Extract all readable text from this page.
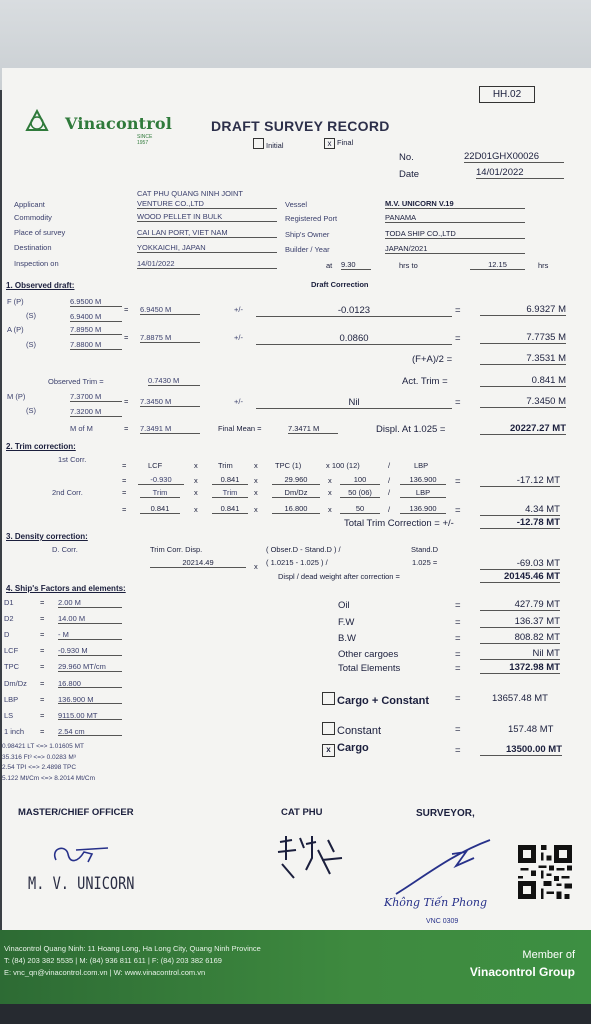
HH.02
Vinacontrol
SINCE 1957
DRAFT SURVEY RECORD
Initial	x Final
No.	22D01GHX00026
Date	14/01/2022
Applicant
CAT PHU QUANG NINH JOINT
VENTURE CO.,LTD
Commodity	WOOD PELLET IN BULK
Place of survey	CAI LAN PORT, VIET NAM
Destination	YOKKAICHI, JAPAN
Inspection on	14/01/2022
Vessel	M.V. UNICORN V.19
Registered Port	PANAMA
Ship's Owner	TODA SHIP CO.,LTD
Builder / Year	JAPAN/2021
at 9.30	hrs to	12.15	hrs
1. Observed draft:	Draft Correction
F (P)	6.9500 M
(S)	6.9400 M
= 6.9450 M	+/-	-0.0123	=	6.9327 M
A (P)	7.8950 M
(S)	7.8800 M
= 7.8875 M	+/-	0.0860	=	7.7735 M
(F+A)/2 =	7.3531 M
Observed Trim =	0.7430 M	Act. Trim =	0.841 M
M (P)	7.3700 M
(S)	7.3200 M
= 7.3450 M	+/-	Nil	=	7.3450 M
M of M	= 7.3491 M	Final Mean =	7.3471 M	Displ. At 1.025 =	20227.27 MT
2. Trim correction:
1st Corr.
=	LCF	x	Trim	x TPC (1)	x 100 (12)	/	LBP
=	-0.930	x	0.841	x	29.960	x	100	/	136.900	=	-17.12 MT
2nd Corr.	=	Trim	x	Trim	x	Dm/Dz	x	50 (06)	/	LBP
=	0.841	x	0.841	x	16.800	x	50	/	136.900	=	4.34 MT
Total Trim Correction = +/-	-12.78 MT
3. Density correction:
D. Corr.	Trim Corr. Disp.
20214.49	x
( Obser.D - Stand.D ) /
( 1.0215 - 1.025 ) /
Stand.D
1.025 =	-69.03 MT
Displ / dead weight after correction =	20145.46 MT
4. Ship's Factors and elements:
D1	= 2.00 M
D2	= 14.00 M
D	= - M
LCF	= -0.930 M
TPC	= 29.960 MT/cm
Dm/Dz = 16.800
LBP	= 136.900 M
LS	= 9115.00 MT
1 inch = 2.54 cm
0.98421 LT <=> 1.01605 MT
35.316 Ft³ <=> 0.0283 M³
2.54 TPI <=> 2.4898 TPC
5.122 Mt/Cm <=> 8.2014 Mt/Cm
Oil	=	427.79 MT
F.W	=	136.37 MT
B.W	=	808.82 MT
Other cargoes	=	Nil MT
Total Elements	=	1372.98 MT
Cargo + Constant	=	13657.48 MT
Constant	=	157.48 MT
x Cargo	=	13500.00 MT
MASTER/CHIEF OFFICER	CAT PHU	SURVEYOR,
M. V. UNICORN
Không Tiến Phong
VNC 0309
Vinacontrol Quang Ninh: 11 Hoang Long, Ha Long City, Quang Ninh Province
T: (84) 203 382 5535 | M: (84) 936 811 611 | F: (84) 203 382 6169
E: vnc_qn@vinacontrol.com.vn | W: www.vinacontrol.com.vn
Member of
Vinacontrol Group
